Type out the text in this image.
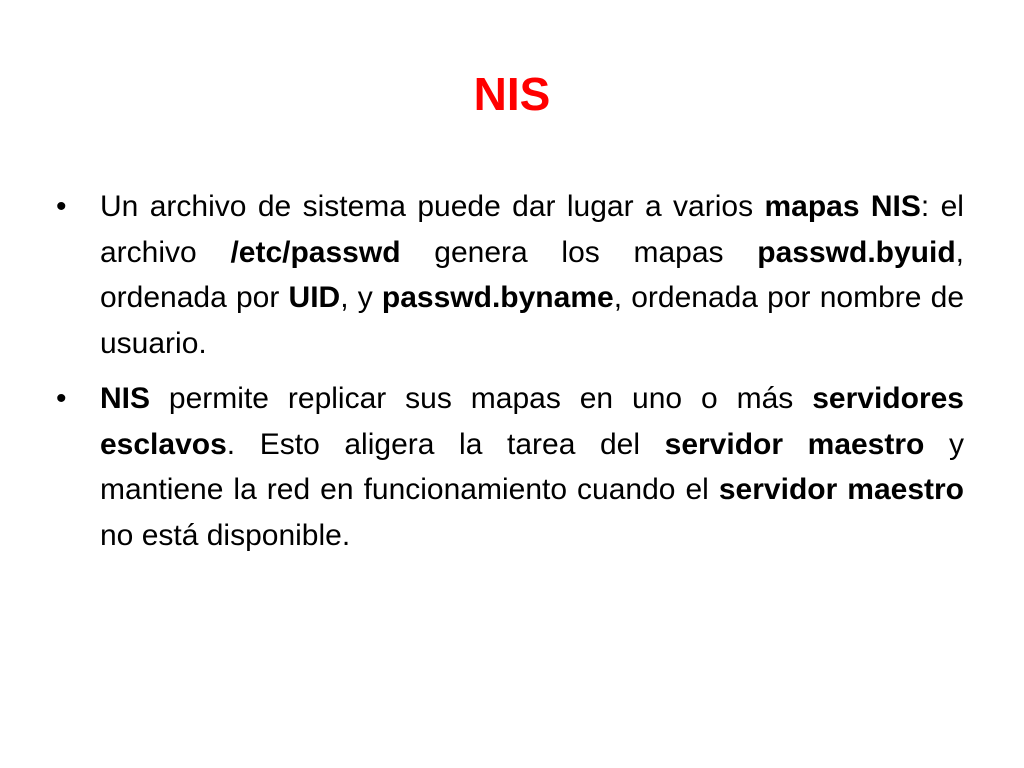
NIS
• Un archivo de sistema puede dar lugar a varios mapas NIS: el archivo /etc/passwd genera los mapas passwd.byuid, ordenada por UID, y passwd.byname, ordenada por nombre de usuario.
• NIS permite replicar sus mapas en uno o más servidores esclavos. Esto aligera la tarea del servidor maestro y mantiene la red en funcionamiento cuando el servidor maestro no está disponible.
